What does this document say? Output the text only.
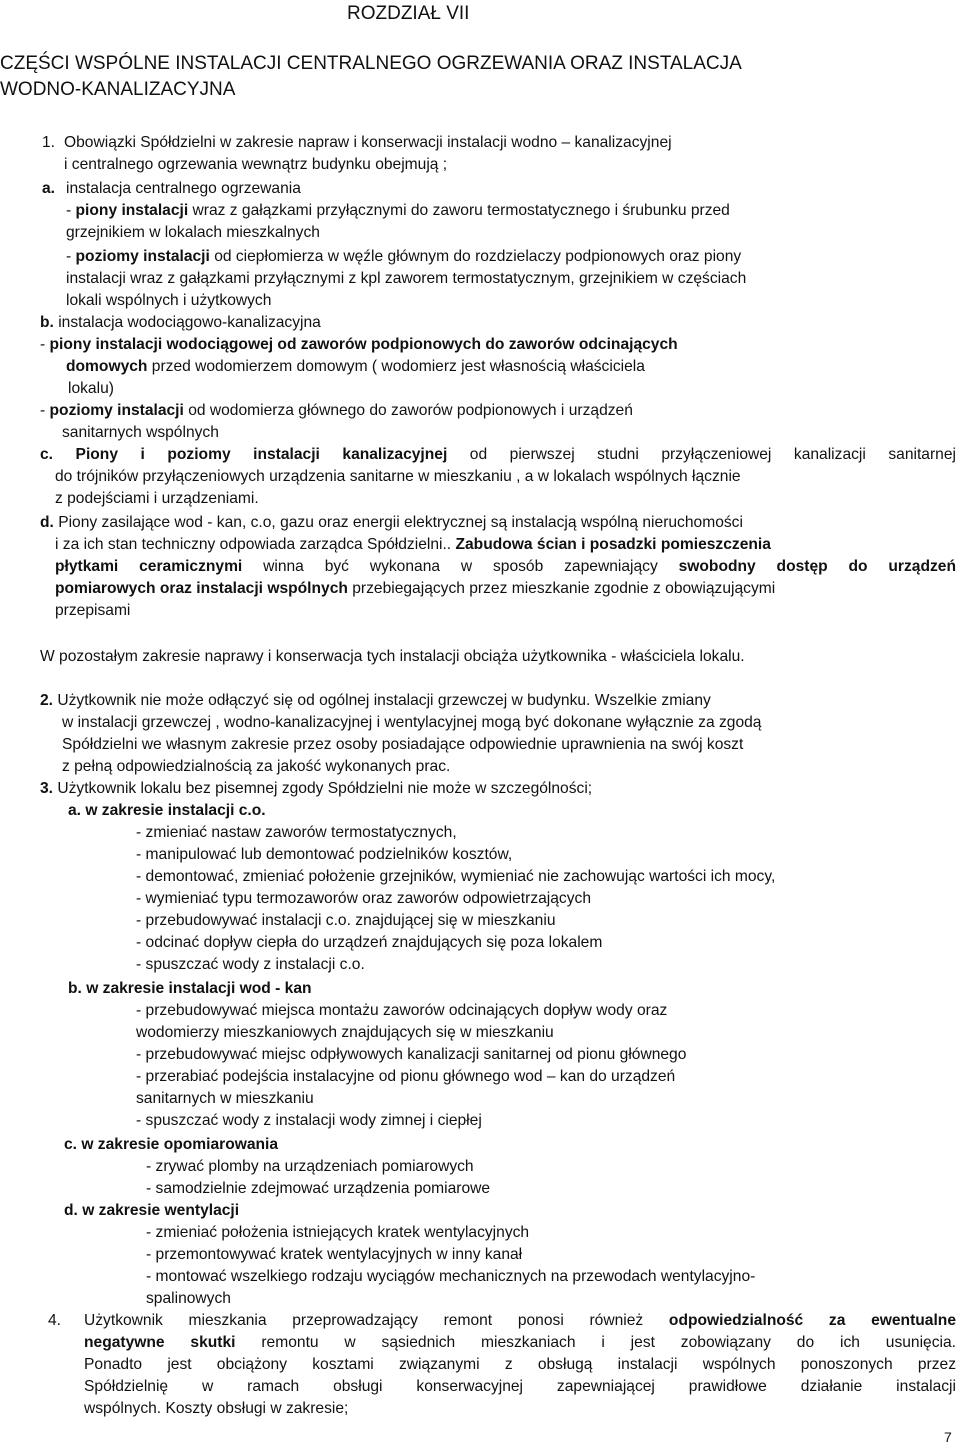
ROZDZIAŁ VII
CZĘŚCI WSPÓLNE INSTALACJI CENTRALNEGO OGRZEWANIA ORAZ INSTALACJA
WODNO-KANALIZACYJNA
1. Obowiązki Spółdzielni w zakresie napraw i konserwacji instalacji wodno – kanalizacyjnej
i centralnego ogrzewania wewnątrz budynku obejmują ;
a. instalacja centralnego ogrzewania
- piony instalacji wraz z gałązkami przyłącznymi do zaworu termostatycznego i śrubunku przed
grzejnikiem w lokalach mieszkalnych
- poziomy instalacji od ciepłomierza w węźle głównym do rozdzielaczy podpionowych oraz piony
instalacji wraz z gałązkami przyłącznymi z kpl zaworem termostatycznym, grzejnikiem w częściach
lokali wspólnych i użytkowych
b. instalacja wodociągowo-kanalizacyjna
- piony instalacji wodociągowej od zaworów podpionowych do zaworów odcinających
domowych przed wodomierzem domowym ( wodomierz jest własnością właściciela
lokalu)
- poziomy instalacji od wodomierza głównego do zaworów podpionowych i urządzeń
sanitarnych wspólnych
c. Piony i poziomy instalacji kanalizacyjnej od pierwszej studni przyłączeniowej kanalizacji sanitarnej
do trójników przyłączeniowych urządzenia sanitarne w mieszkaniu , a w lokalach wspólnych łącznie
z podejściami i urządzeniami.
d. Piony zasilające wod - kan, c.o, gazu oraz energii elektrycznej są instalacją wspólną nieruchomości
i za ich stan techniczny odpowiada zarządca Spółdzielni.. Zabudowa ścian i posadzki pomieszczenia
płytkami ceramicznymi winna być wykonana w sposób zapewniający swobodny dostęp do urządzeń
pomiarowych oraz instalacji wspólnych przebiegających przez mieszkanie zgodnie z obowiązującymi
przepisami
W pozostałym zakresie naprawy i konserwacja tych instalacji obciąża użytkownika - właściciela lokalu.
2. Użytkownik nie może odłączyć się od ogólnej instalacji grzewczej w budynku. Wszelkie zmiany
w instalacji grzewczej , wodno-kanalizacyjnej i wentylacyjnej mogą być dokonane wyłącznie za zgodą
Spółdzielni we własnym zakresie przez osoby posiadające odpowiednie uprawnienia na swój koszt
z pełną odpowiedzialnością za jakość wykonanych prac.
3. Użytkownik lokalu bez pisemnej zgody Spółdzielni nie może w szczególności;
a. w zakresie instalacji c.o.
- zmieniać nastaw zaworów termostatycznych,
- manipulować lub demontować podzielników kosztów,
- demontować, zmieniać położenie grzejników, wymieniać nie zachowując wartości ich mocy,
- wymieniać typu termozaworów oraz zaworów odpowietrzających
- przebudowywać instalacji c.o. znajdującej się w mieszkaniu
- odcinać dopływ ciepła do urządzeń znajdujących się poza lokalem
- spuszczać wody z instalacji c.o.
b. w zakresie instalacji wod - kan
- przebudowywać miejsca montażu zaworów odcinających dopływ wody oraz
wodomierzy mieszkaniowych znajdujących się w mieszkaniu
- przebudowywać miejsc odpływowych kanalizacji sanitarnej od pionu głównego
- przerabiać podejścia instalacyjne od pionu głównego wod – kan do urządzeń
sanitarnych w mieszkaniu
- spuszczać wody z instalacji wody zimnej i ciepłej
c. w zakresie opomiarowania
- zrywać plomby na urządzeniach pomiarowych
- samodzielnie zdejmować urządzenia pomiarowe
d. w zakresie wentylacji
- zmieniać położenia istniejących kratek wentylacyjnych
- przemontowywać kratek wentylacyjnych w inny kanał
- montować wszelkiego rodzaju wyciągów mechanicznych na przewodach wentylacyjno-
spalinowych
4. Użytkownik mieszkania przeprowadzający remont ponosi również odpowiedzialność za ewentualne
negatywne skutki remontu w sąsiednich mieszkaniach i jest zobowiązany do ich usunięcia.
Ponadto jest obciążony kosztami związanymi z obsługą instalacji wspólnych ponoszonych przez
Spółdzielnię w ramach obsługi konserwacyjnej zapewniającej prawidłowe działanie instalacji
wspólnych. Koszty obsługi w zakresie;
7
